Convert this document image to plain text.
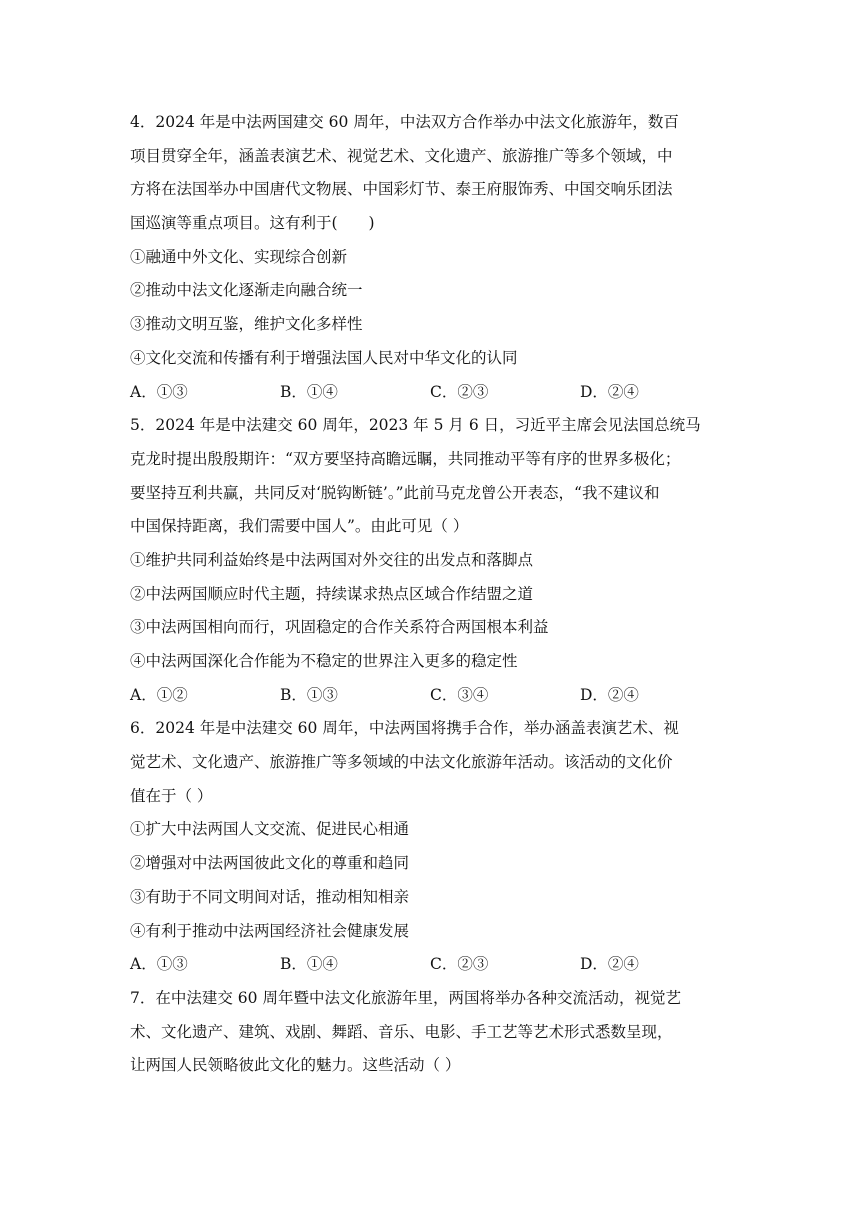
4．2024 年是中法两国建交 60 周年，中法双方合作举办中法文化旅游年，数百
项目贯穿全年，涵盖表演艺术、视觉艺术、文化遗产、旅游推广等多个领域，中
方将在法国举办中国唐代文物展、中国彩灯节、泰王府服饰秀、中国交响乐团法
国巡演等重点项目。这有利于(　　)
①融通中外文化、实现综合创新
②推动中法文化逐渐走向融合统一
③推动文明互鉴，维护文化多样性
④文化交流和传播有利于增强法国人民对中华文化的认同
A．①③	B．①④	C．②③	D．②④
5．2024 年是中法建交 60 周年，2023 年 5 月 6 日，习近平主席会见法国总统马
克龙时提出殷殷期许：“双方要坚持高瞻远瞩，共同推动平等有序的世界多极化；
要坚持互利共赢，共同反对‘脱钩断链’。”此前马克龙曾公开表态，“我不建议和
中国保持距离，我们需要中国人”。由此可见（ ）
①维护共同利益始终是中法两国对外交往的出发点和落脚点
②中法两国顺应时代主题，持续谋求热点区域合作结盟之道
③中法两国相向而行，巩固稳定的合作关系符合两国根本利益
④中法两国深化合作能为不稳定的世界注入更多的稳定性
A．①②	B．①③	C．③④	D．②④
6．2024 年是中法建交 60 周年，中法两国将携手合作，举办涵盖表演艺术、视
觉艺术、文化遗产、旅游推广等多领域的中法文化旅游年活动。该活动的文化价
值在于（ ）
①扩大中法两国人文交流、促进民心相通
②增强对中法两国彼此文化的尊重和趋同
③有助于不同文明间对话，推动相知相亲
④有利于推动中法两国经济社会健康发展
A．①③	B．①④	C．②③	D．②④
7．在中法建交 60 周年暨中法文化旅游年里，两国将举办各种交流活动，视觉艺
术、文化遗产、建筑、戏剧、舞蹈、音乐、电影、手工艺等艺术形式悉数呈现，
让两国人民领略彼此文化的魅力。这些活动（ ）
